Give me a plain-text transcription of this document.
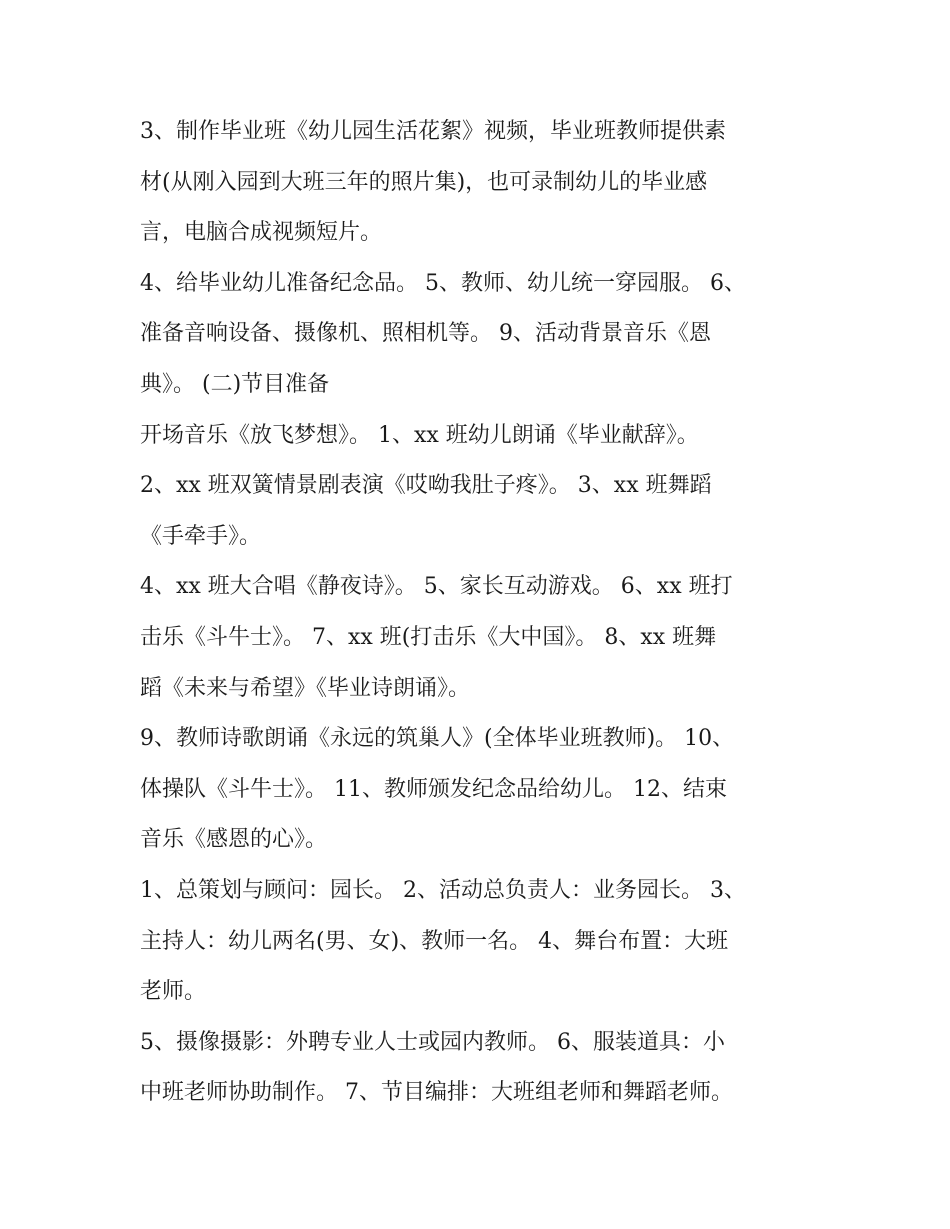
3、制作毕业班《幼儿园生活花絮》视频，毕业班教师提供素
材(从刚入园到大班三年的照片集)，也可录制幼儿的毕业感
言，电脑合成视频短片。

4、给毕业幼儿准备纪念品。 5、教师、幼儿统一穿园服。 6、
准备音响设备、摄像机、照相机等。 9、活动背景音乐《恩
典》。 (二)节目准备

开场音乐《放飞梦想》。 1、xx 班幼儿朗诵《毕业献辞》。

2、xx 班双簧情景剧表演《哎呦我肚子疼》。 3、xx 班舞蹈
《手牵手》。

4、xx 班大合唱《静夜诗》。 5、家长互动游戏。 6、xx 班打
击乐《斗牛士》。 7、xx 班(打击乐《大中国》。 8、xx 班舞
蹈《未来与希望》《毕业诗朗诵》。

9、教师诗歌朗诵《永远的筑巢人》(全体毕业班教师)。 10、
体操队《斗牛士》。 11、教师颁发纪念品给幼儿。 12、结束
音乐《感恩的心》。

1、总策划与顾问：园长。 2、活动总负责人：业务园长。 3、
主持人：幼儿两名(男、女)、教师一名。 4、舞台布置：大班
老师。

5、摄像摄影：外聘专业人士或园内教师。 6、服装道具：小
中班老师协助制作。 7、节目编排：大班组老师和舞蹈老师。
